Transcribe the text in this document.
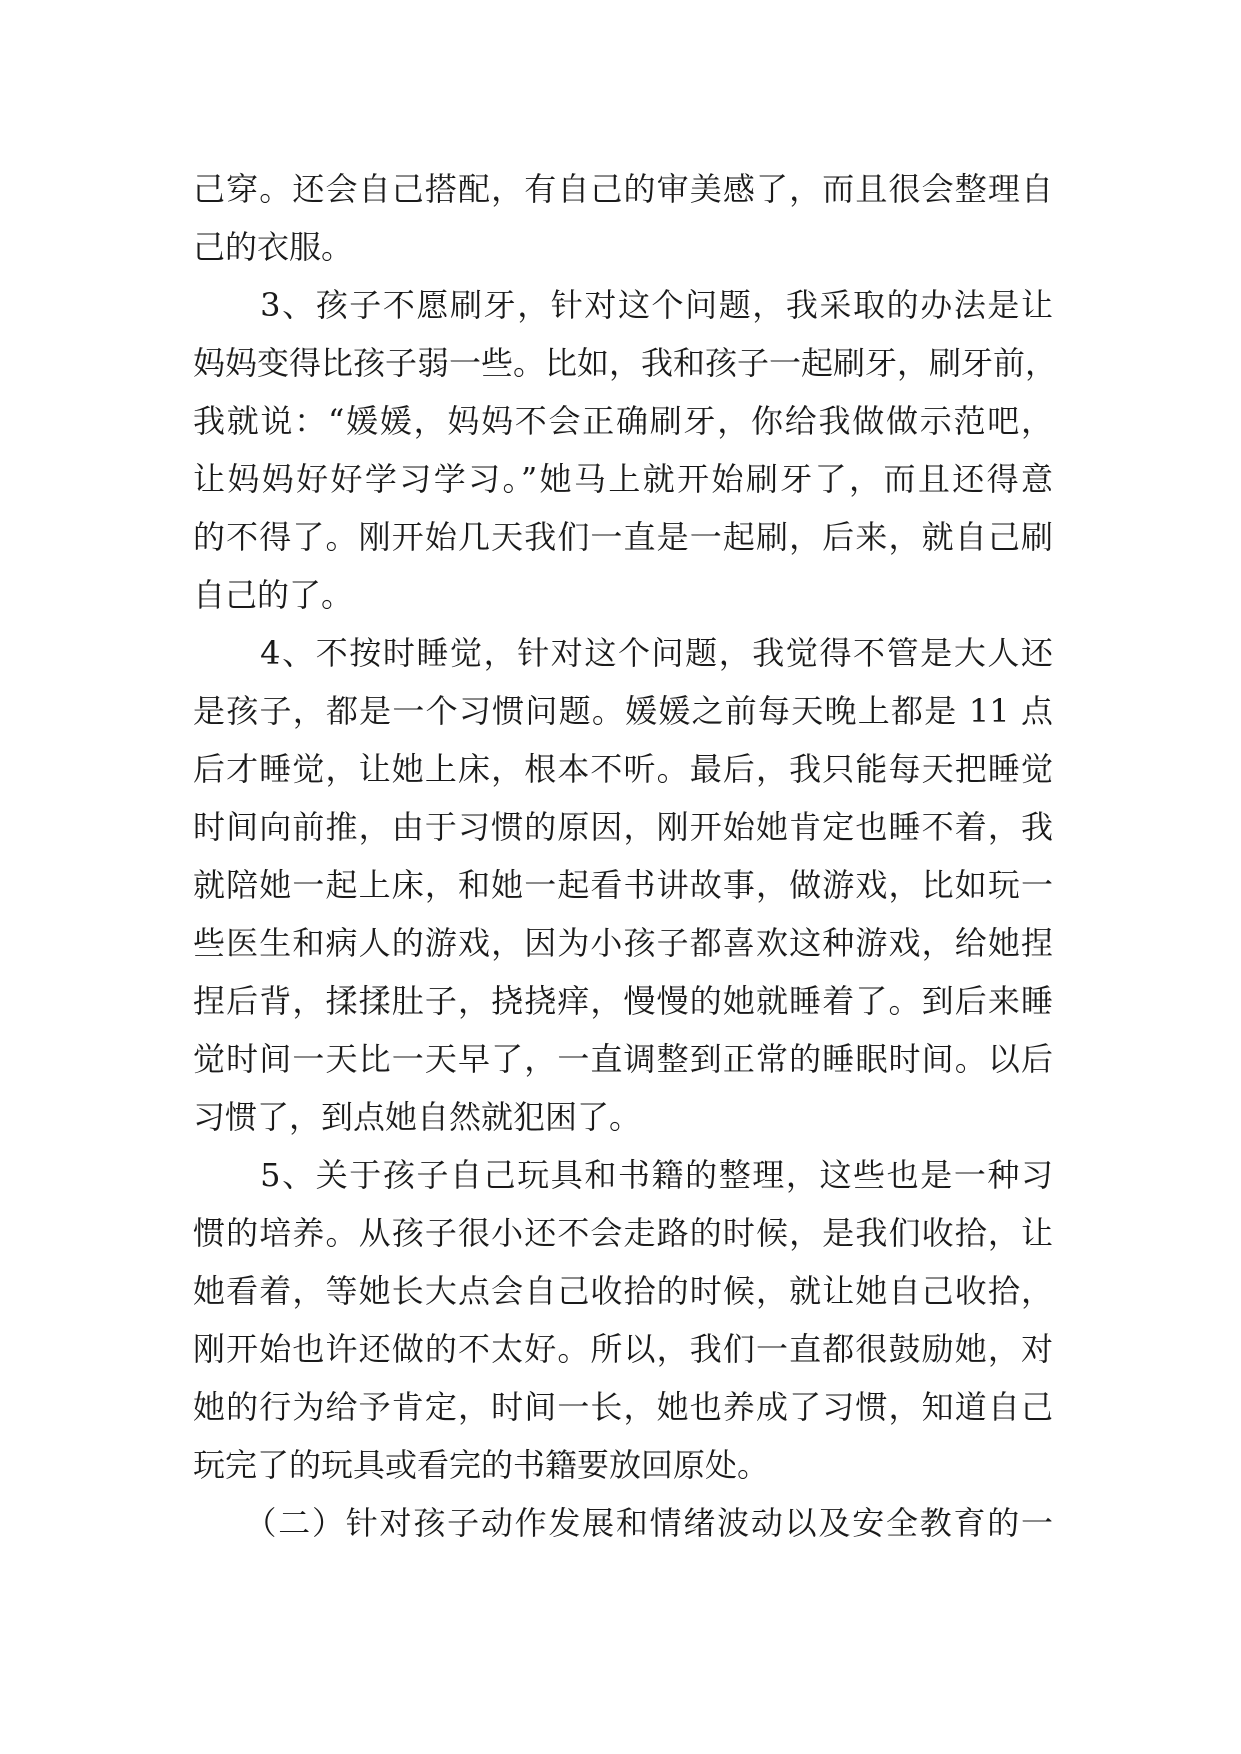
己穿。还会自己搭配，有自己的审美感了，而且很会整理自
己的衣服。
　　3、孩子不愿刷牙，针对这个问题，我采取的办法是让
妈妈变得比孩子弱一些。比如，我和孩子一起刷牙，刷牙前，
我就说：“媛媛，妈妈不会正确刷牙，你给我做做示范吧，
让妈妈好好学习学习。”她马上就开始刷牙了，而且还得意
的不得了。刚开始几天我们一直是一起刷，后来，就自己刷
自己的了。
　　4、不按时睡觉，针对这个问题，我觉得不管是大人还
是孩子，都是一个习惯问题。媛媛之前每天晚上都是 11 点
后才睡觉，让她上床，根本不听。最后，我只能每天把睡觉
时间向前推，由于习惯的原因，刚开始她肯定也睡不着，我
就陪她一起上床，和她一起看书讲故事，做游戏，比如玩一
些医生和病人的游戏，因为小孩子都喜欢这种游戏，给她捏
捏后背，揉揉肚子，挠挠痒，慢慢的她就睡着了。到后来睡
觉时间一天比一天早了，一直调整到正常的睡眠时间。以后
习惯了，到点她自然就犯困了。
　　5、关于孩子自己玩具和书籍的整理，这些也是一种习
惯的培养。从孩子很小还不会走路的时候，是我们收拾，让
她看着，等她长大点会自己收拾的时候，就让她自己收拾，
刚开始也许还做的不太好。所以，我们一直都很鼓励她，对
她的行为给予肯定，时间一长，她也养成了习惯，知道自己
玩完了的玩具或看完的书籍要放回原处。
　　（二）针对孩子动作发展和情绪波动以及安全教育的一
